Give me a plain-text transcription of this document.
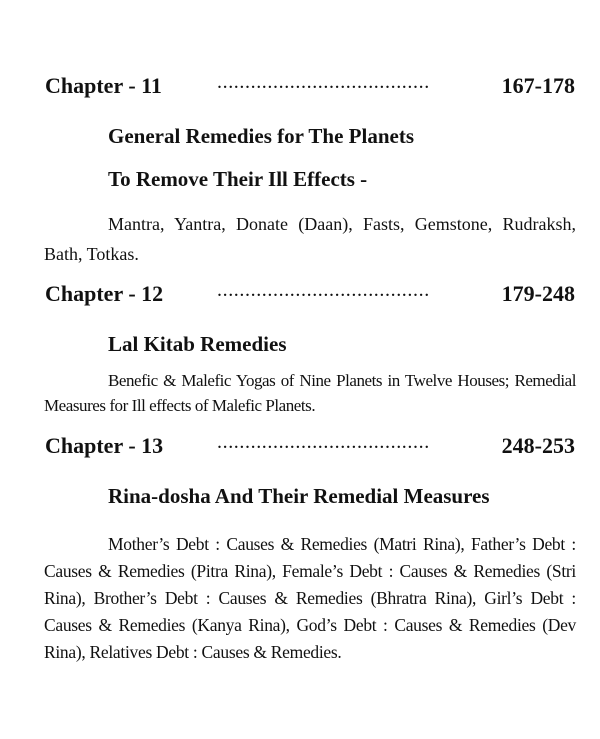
Chapter - 11	......................................	167-178
General Remedies for The Planets
To Remove Their Ill Effects -
Mantra, Yantra, Donate (Daan), Fasts, Gemstone, Rudraksh, Bath, Totkas.
Chapter - 12	......................................	179-248
Lal Kitab Remedies
Benefic & Malefic Yogas of Nine Planets in Twelve Houses; Remedial Measures for Ill effects of Malefic Planets.
Chapter - 13	......................................	248-253
Rina-dosha And Their Remedial Measures
Mother’s Debt : Causes & Remedies (Matri Rina), Father’s Debt : Causes & Remedies (Pitra Rina), Female’s Debt : Causes & Remedies (Stri Rina), Brother’s Debt : Causes & Remedies (Bhratra Rina), Girl’s Debt : Causes & Remedies (Kanya Rina), God’s Debt : Causes & Remedies (Dev Rina), Relatives Debt : Causes & Remedies.
